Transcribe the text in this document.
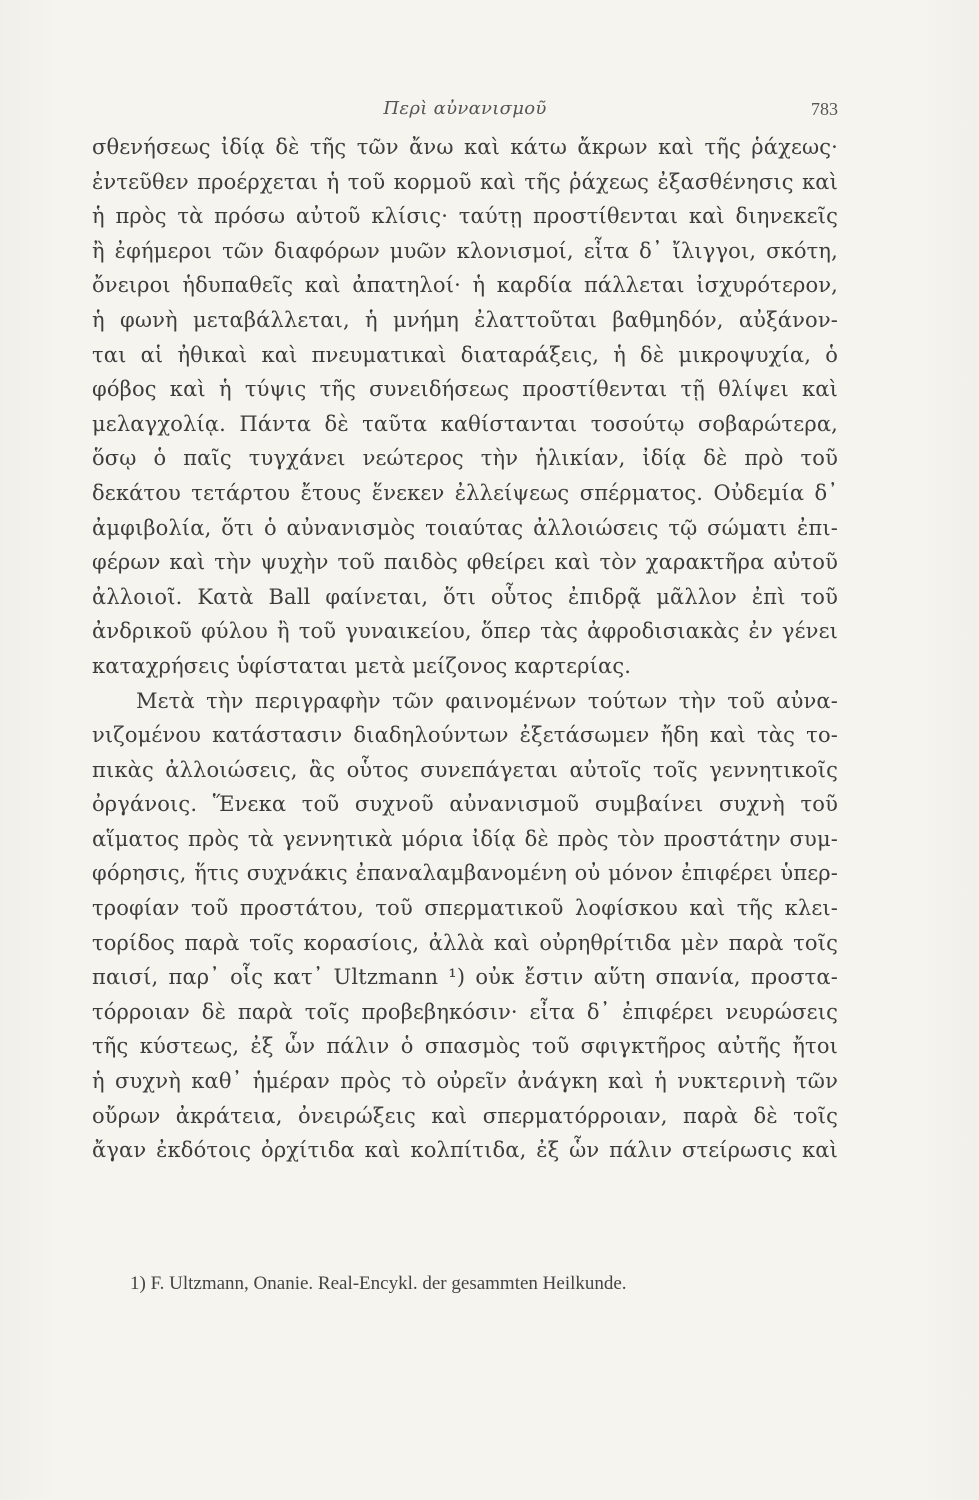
Περὶ αὐνανισμοῦ	783
σθενήσεως ἰδίᾳ δὲ τῆς τῶν ἄνω καὶ κάτω ἄκρων καὶ τῆς ῥάχεως·
ἐντεῦθεν προέρχεται ἡ τοῦ κορμοῦ καὶ τῆς ῥάχεως ἐξασθένησις καὶ
ἡ πρὸς τὰ πρόσω αὐτοῦ κλίσις· ταύτῃ προστίθενται καὶ διηνεκεῖς
ἢ ἐφήμεροι τῶν διαφόρων μυῶν κλονισμοί, εἶτα δ᾽ ἴλιγγοι, σκότη,
ὄνειροι ἡδυπαθεῖς καὶ ἀπατηλοί· ἡ καρδία πάλλεται ἰσχυρότερον,
ἡ φωνὴ μεταβάλλεται, ἡ μνήμη ἐλαττοῦται βαθμηδόν, αὐξάνον-
ται αἱ ἠθικαὶ καὶ πνευματικαὶ διαταράξεις, ἡ δὲ μικροψυχία, ὁ
φόβος καὶ ἡ τύψις τῆς συνειδήσεως προστίθενται τῇ θλίψει καὶ
μελαγχολίᾳ. Πάντα δὲ ταῦτα καθίστανται τοσούτῳ σοβαρώτερα,
ὅσῳ ὁ παῖς τυγχάνει νεώτερος τὴν ἡλικίαν, ἰδίᾳ δὲ πρὸ τοῦ
δεκάτου τετάρτου ἔτους ἕνεκεν ἐλλείψεως σπέρματος. Οὐδεμία δ᾽
ἀμφιβολία, ὅτι ὁ αὐνανισμὸς τοιαύτας ἀλλοιώσεις τῷ σώματι ἐπι-
φέρων καὶ τὴν ψυχὴν τοῦ παιδὸς φθείρει καὶ τὸν χαρακτῆρα αὐτοῦ
ἀλλοιοῖ. Κατὰ Ball φαίνεται, ὅτι οὗτος ἐπιδρᾷ μᾶλλον ἐπὶ τοῦ
ἀνδρικοῦ φύλου ἢ τοῦ γυναικείου, ὅπερ τὰς ἀφροδισιακὰς ἐν γένει
καταχρήσεις ὑφίσταται μετὰ μείζονος καρτερίας.
Μετὰ τὴν περιγραφὴν τῶν φαινομένων τούτων τὴν τοῦ αὐνα-
νιζομένου κατάστασιν διαδηλούντων ἐξετάσωμεν ἤδη καὶ τὰς το-
πικὰς ἀλλοιώσεις, ἃς οὗτος συνεπάγεται αὐτοῖς τοῖς γεννητικοῖς
ὀργάνοις. Ἕνεκα τοῦ συχνοῦ αὐνανισμοῦ συμβαίνει συχνὴ τοῦ
αἵματος πρὸς τὰ γεννητικὰ μόρια ἰδίᾳ δὲ πρὸς τὸν προστάτην συμ-
φόρησις, ἥτις συχνάκις ἐπαναλαμβανομένη οὐ μόνον ἐπιφέρει ὑπερ-
τροφίαν τοῦ προστάτου, τοῦ σπερματικοῦ λοφίσκου καὶ τῆς κλει-
τορίδος παρὰ τοῖς κορασίοις, ἀλλὰ καὶ οὐρηθρίτιδα μὲν παρὰ τοῖς
παισί, παρ᾽ οἷς κατ᾽ Ultzmann ¹) οὐκ ἔστιν αὕτη σπανία, προστα-
τόρροιαν δὲ παρὰ τοῖς προβεβηκόσιν· εἶτα δ᾽ ἐπιφέρει νευρώσεις
τῆς κύστεως, ἐξ ὧν πάλιν ὁ σπασμὸς τοῦ σφιγκτῆρος αὐτῆς ἤτοι
ἡ συχνὴ καθ᾽ ἡμέραν πρὸς τὸ οὐρεῖν ἀνάγκη καὶ ἡ νυκτερινὴ τῶν
οὔρων ἀκράτεια, ὀνειρώξεις καὶ σπερματόρροιαν, παρὰ δὲ τοῖς
ἄγαν ἐκδότοις ὀρχίτιδα καὶ κολπίτιδα, ἐξ ὧν πάλιν στείρωσις καὶ
1) F. Ultzmann, Onanie. Real-Encykl. der gesammten Heilkunde.
